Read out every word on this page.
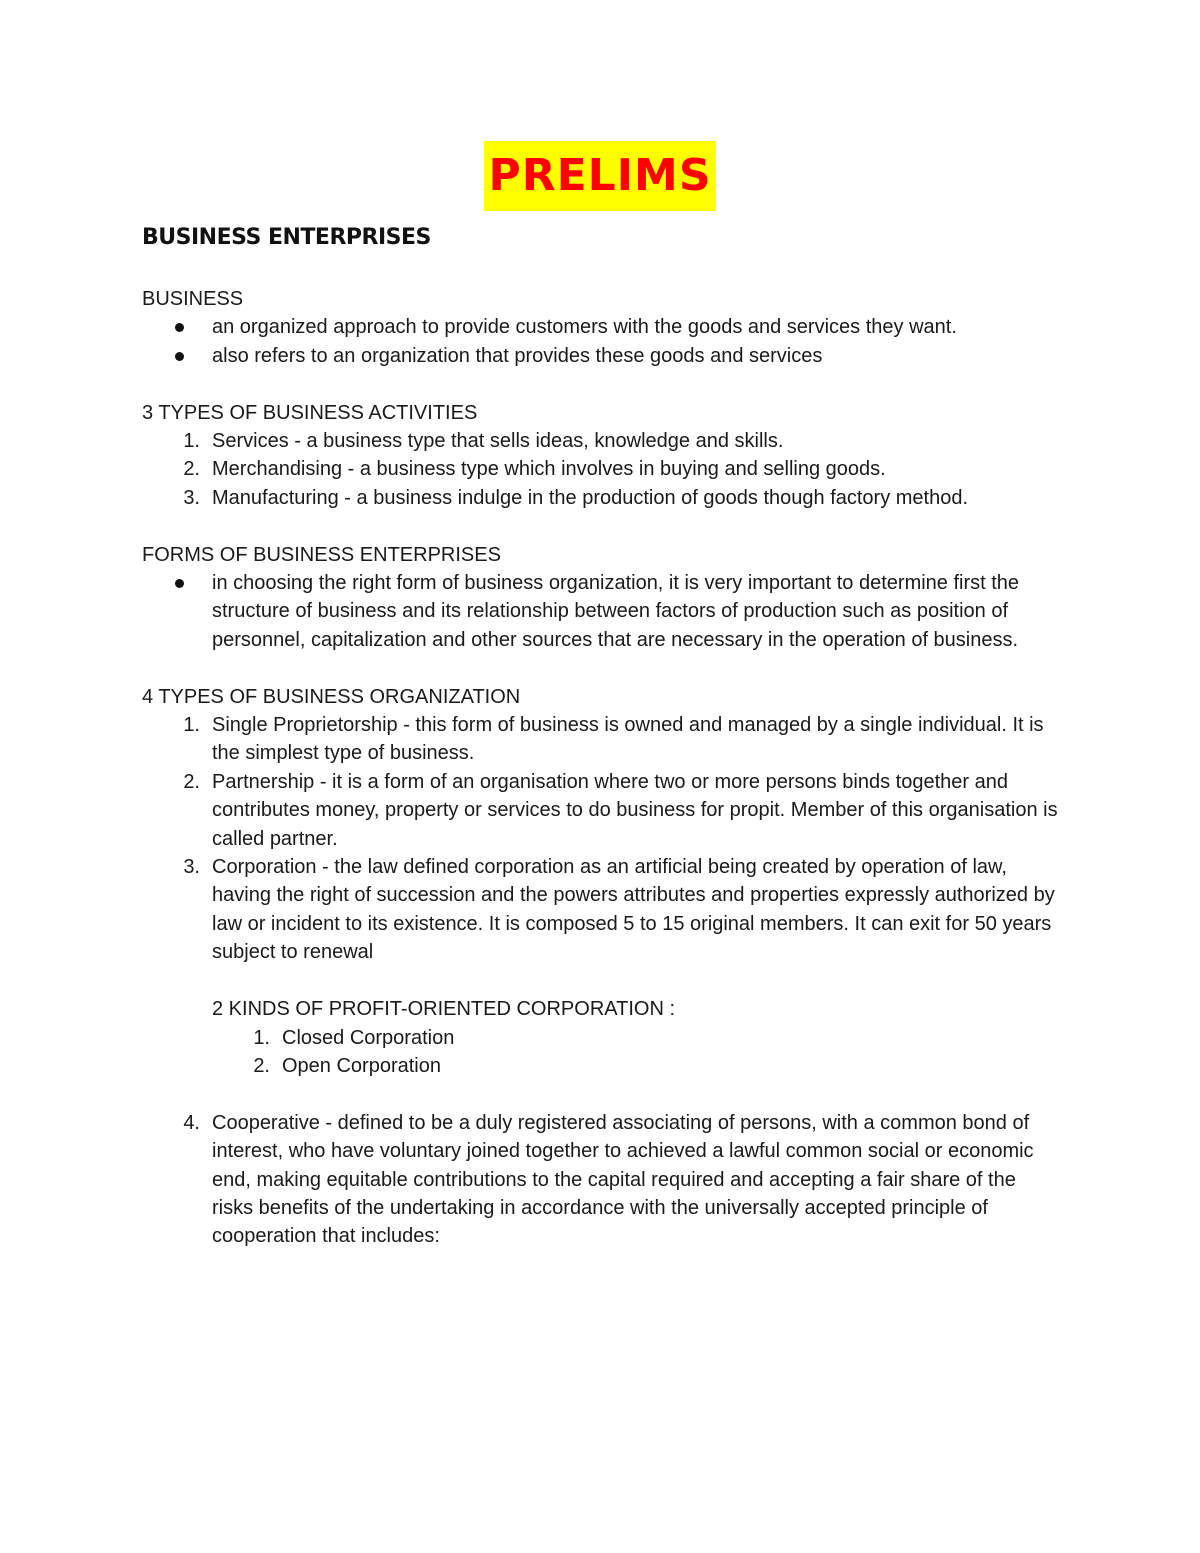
PRELIMS
BUSINESS ENTERPRISES

BUSINESS

an organized approach to provide customers with the goods and services they want.
also refers to an organization that provides these goods and services

3 TYPES OF BUSINESS ACTIVITIES

1. Services - a business type that sells ideas, knowledge and skills.
2. Merchandising - a business type which involves in buying and selling goods.
3. Manufacturing - a business indulge in the production of goods though factory method.

FORMS OF BUSINESS ENTERPRISES

in choosing the right form of business organization, it is very important to determine first the structure of business and its relationship between factors of production such as position of personnel, capitalization and other sources that are necessary in the operation of business.

4 TYPES OF BUSINESS ORGANIZATION

1. Single Proprietorship - this form of business is owned and managed by a single individual. It is the simplest type of business.
2. Partnership - it is a form of an organisation where two or more persons binds together and contributes money, property or services to do business for propit. Member of this organisation is called partner.
3. Corporation - the law defined corporation as an artificial being created by operation of law, having the right of succession and the powers attributes and properties expressly authorized by law or incident to its existence. It is composed 5 to 15 original members. It can exit for 50 years subject to renewal
2 KINDS OF PROFIT-ORIENTED CORPORATION :
1. Closed Corporation
2. Open Corporation
4. Cooperative - defined to be a duly registered associating of persons, with a common bond of interest, who have voluntary joined together to achieved a lawful common social or economic end, making equitable contributions to the capital required and accepting a fair share of the risks benefits of the undertaking in accordance with the universally accepted principle of cooperation that includes:
